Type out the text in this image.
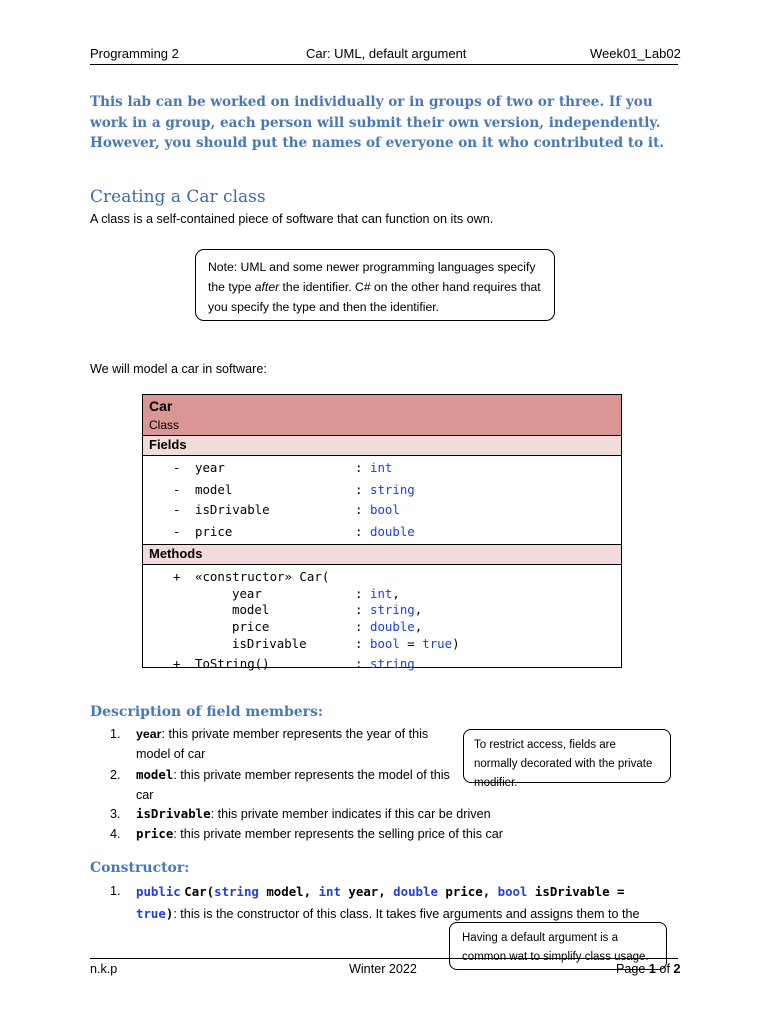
Programming 2	Car: UML, default argument	Week01_Lab02
This lab can be worked on individually or in groups of two or three. If you work in a group, each person will submit their own version, independently. However, you should put the names of everyone on it who contributed to it.
Creating a Car class
A class is a self-contained piece of software that can function on its own.
Note: UML and some newer programming languages specify the type after the identifier. C# on the other hand requires that you specify the type and then the identifier.
We will model a car in software:
Car
Class
Fields
- year	: int
- model	: string
- isDrivable	: bool
- price	: double
Methods
+ «constructor» Car(
year	: int,
model	: string,
price	: double,
isDrivable	: bool = true)
+ ToString()	: string
Description of field members:
1. year: this private member represents the year of this model of car
2. model: this private member represents the model of this car
3. isDrivable: this private member indicates if this car be driven
4. price: this private member represents the selling price of this car
To restrict access, fields are normally decorated with the private modifier.
Constructor:
1. public Car(string model, int year, double price, bool isDrivable =
true): this is the constructor of this class. It takes five arguments and assigns them to the
Having a default argument is a common wat to simplify class usage.
n.k.p	Winter 2022	Page 1 of 2
